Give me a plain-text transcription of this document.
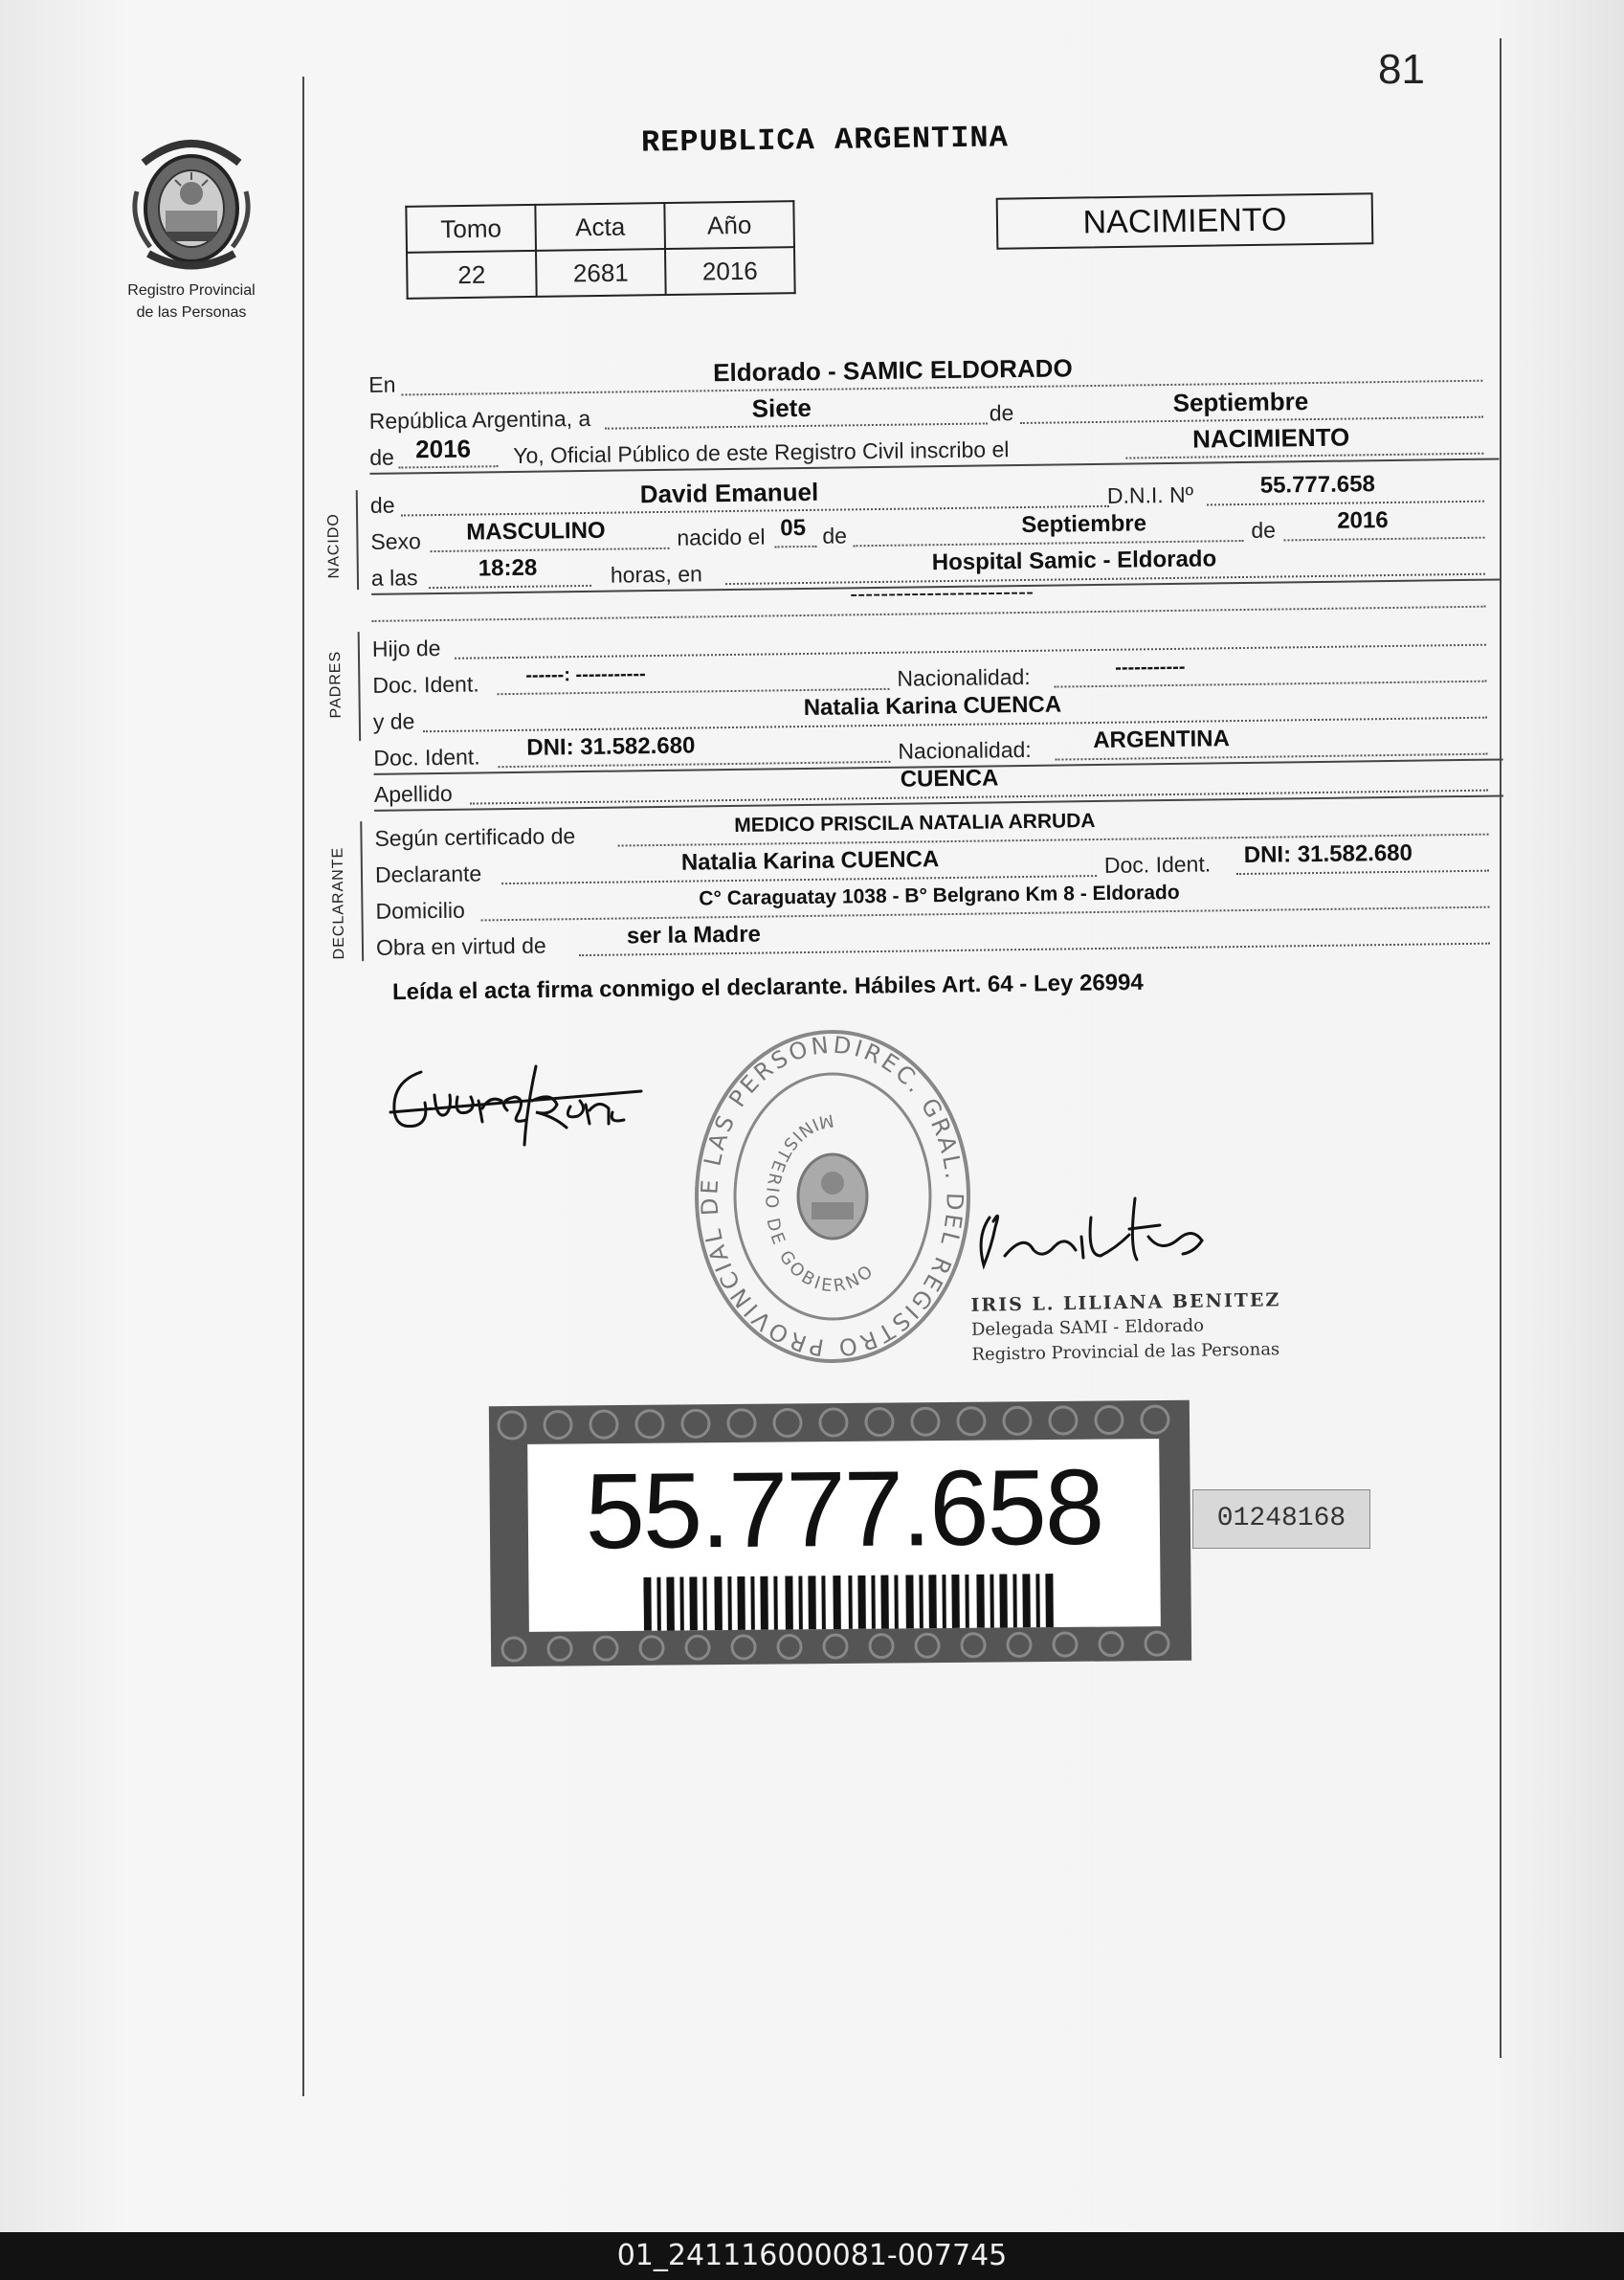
81
Registro Provincial
de las Personas
REPUBLICA ARGENTINA
Tomo	Acta	Año
22	2681	2016
NACIMIENTO
En	Eldorado - SAMIC ELDORADO
República Argentina, a	Siete	de	Septiembre
de 2016 Yo, Oficial Público de este Registro Civil inscribo el	NACIMIENTO
NACIDO
de	David Emanuel	D.N.I. Nº	55.777.658
Sexo MASCULINO	nacido el 05 de	Septiembre	de	2016
a las	18:28	horas, en	Hospital Samic - Eldorado
------------------------
PADRES
Hijo de
Doc. Ident. ------: -----------	Nacionalidad:	-----------
y de
Natalia Karina CUENCA
Doc. Ident. DNI: 31.582.680	Nacionalidad:	ARGENTINA
Apellido
CUENCA
DECLARANTE
Según certificado de
MEDICO PRISCILA NATALIA ARRUDA
Declarante	Natalia Karina CUENCA	Doc. Ident. DNI: 31.582.680
Domicilio
C° Caraguatay 1038 - B° Belgrano Km 8 - Eldorado
Obra en virtud de	ser la Madre
Leída el acta firma conmigo el declarante. Hábiles Art. 64 - Ley 26994
DIREC. GRAL. DEL REGISTRO PROVINCIAL DE LAS PERSON
MINISTERIO DE GOBIERNO
IRIS L. LILIANA BENITEZ
Delegada SAMI - Eldorado
Registro Provincial de las Personas
55.777.658	01248168
01_241116000081-007745
